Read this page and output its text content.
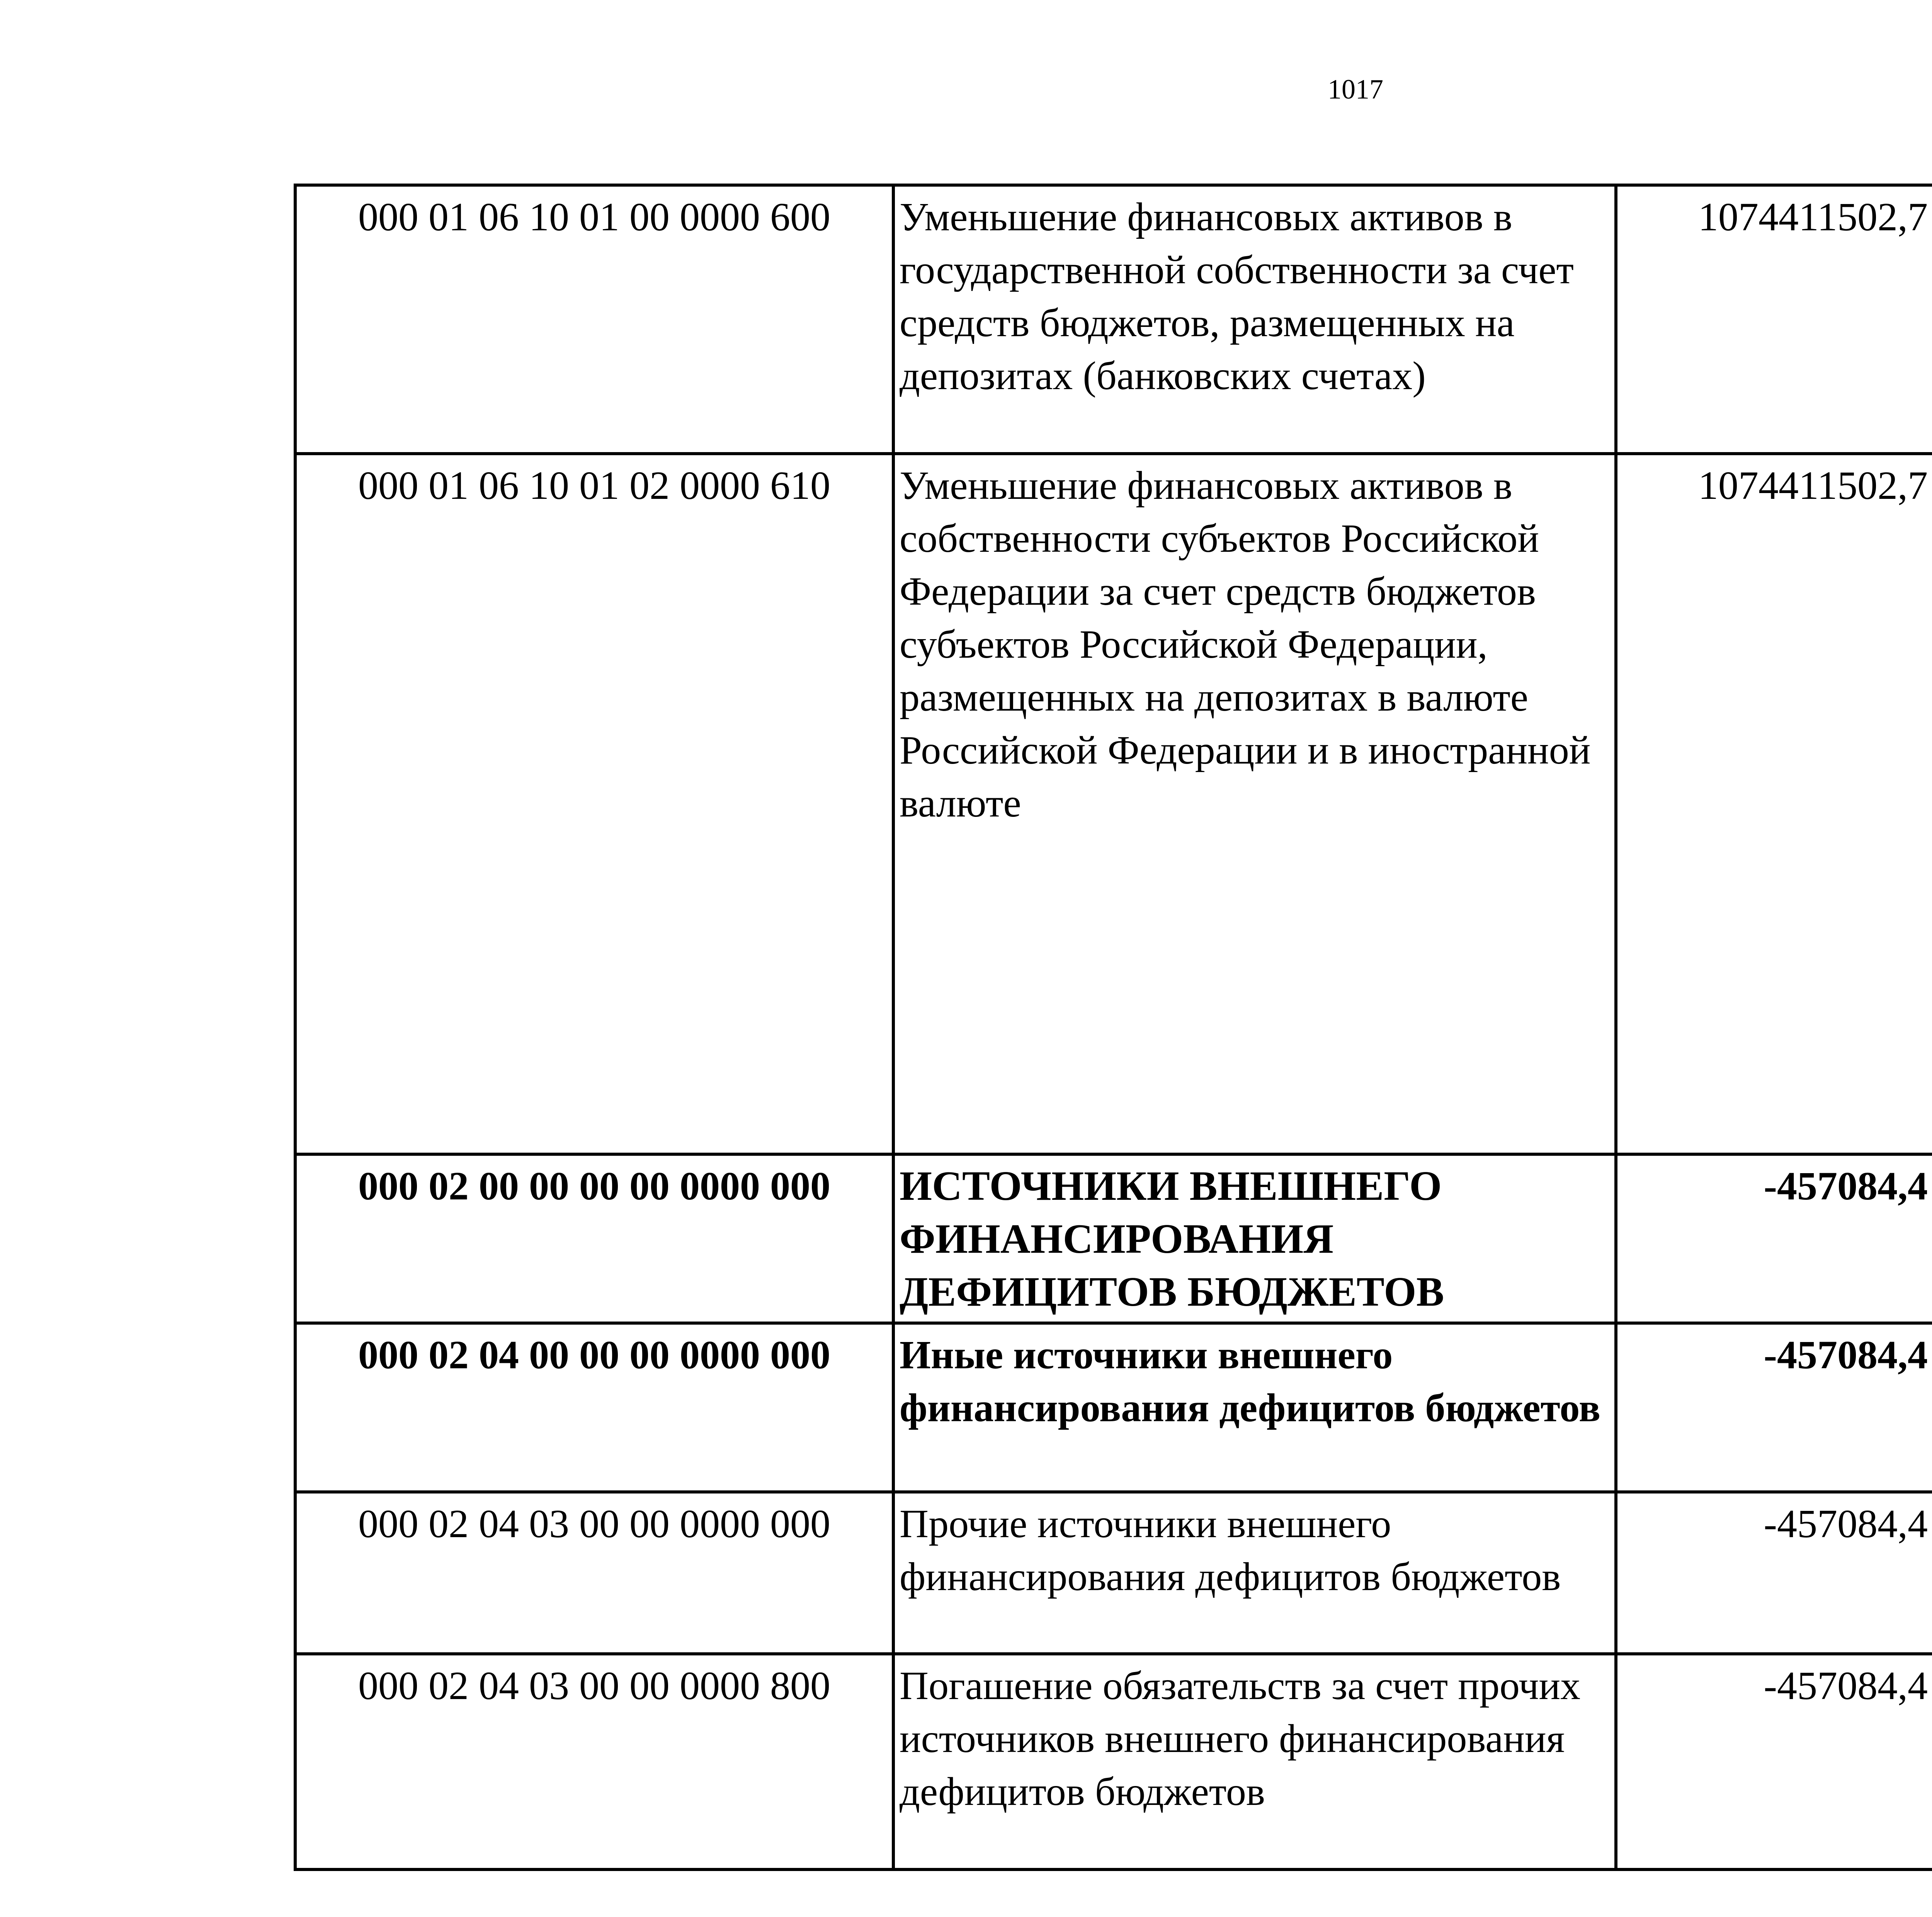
1017
000 01 06 10 01 00 0000 600	Уменьшение финансовых активов в государственной собственности за счет средств бюджетов, размещенных на депозитах (банковских счетах)	1074411502,7		
000 01 06 10 01 02 0000 610	Уменьшение финансовых активов в собственности субъектов Российской Федерации за счет средств бюджетов субъектов Российской Федерации, размещенных на депозитах в валюте Российской Федерации и в иностранной валюте	1074411502,7		
000 02 00 00 00 00 0000 000	ИСТОЧНИКИ ВНЕШНЕГО ФИНАНСИРОВАНИЯ ДЕФИЦИТОВ БЮДЖЕТОВ	-457084,4		
000 02 04 00 00 00 0000 000	Иные источники внешнего финансирования дефицитов бюджетов	-457084,4		
000 02 04 03 00 00 0000 000	Прочие источники внешнего финансирования дефицитов бюджетов	-457084,4		
000 02 04 03 00 00 0000 800	Погашение обязательств за счет прочих источников внешнего финансирования дефицитов бюджетов	-457084,4		
